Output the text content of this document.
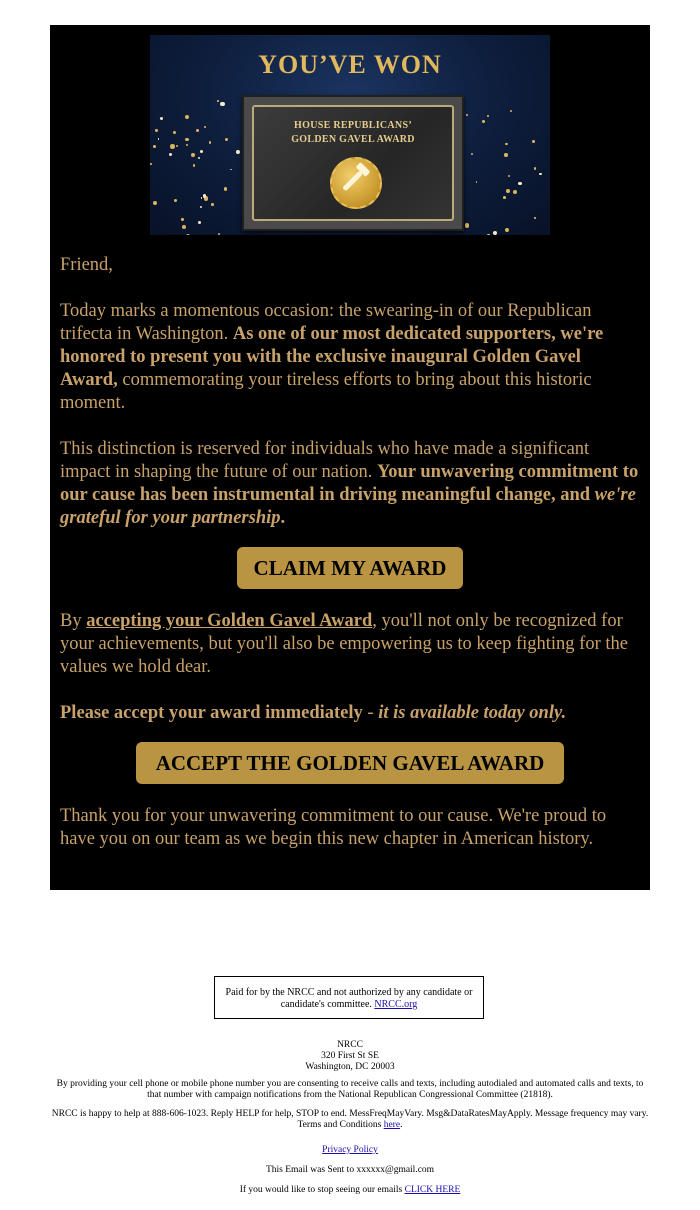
YOU’VE WON
HOUSE REPUBLICANS’
GOLDEN GAVEL AWARD
Friend,
Today marks a momentous occasion: the swearing-in of our Republican trifecta in Washington. As one of our most dedicated supporters, we're honored to present you with the exclusive inaugural Golden Gavel Award, commemorating your tireless efforts to bring about this historic moment.
This distinction is reserved for individuals who have made a significant impact in shaping the future of our nation. Your unwavering commitment to our cause has been instrumental in driving meaningful change, and we're grateful for your partnership.
CLAIM MY AWARD
By accepting your Golden Gavel Award, you'll not only be recognized for your achievements, but you'll also be empowering us to keep fighting for the values we hold dear.
Please accept your award immediately - it is available today only.
ACCEPT THE GOLDEN GAVEL AWARD
Thank you for your unwavering commitment to our cause. We're proud to have you on our team as we begin this new chapter in American history.
Paid for by the NRCC and not authorized by any candidate or candidate's committee. NRCC.org
NRCC
320 First St SE
Washington, DC 20003
By providing your cell phone or mobile phone number you are consenting to receive calls and texts, including autodialed and automated calls and texts, to that number with campaign notifications from the National Republican Congressional Committee (21818).
NRCC is happy to help at 888-606-1023. Reply HELP for help, STOP to end. MessFreqMayVary. Msg&DataRatesMayApply. Message frequency may vary. Terms and Conditions here.
Privacy Policy
This Email was Sent to xxxxxx@gmail.com
If you would like to stop seeing our emails CLICK HERE
